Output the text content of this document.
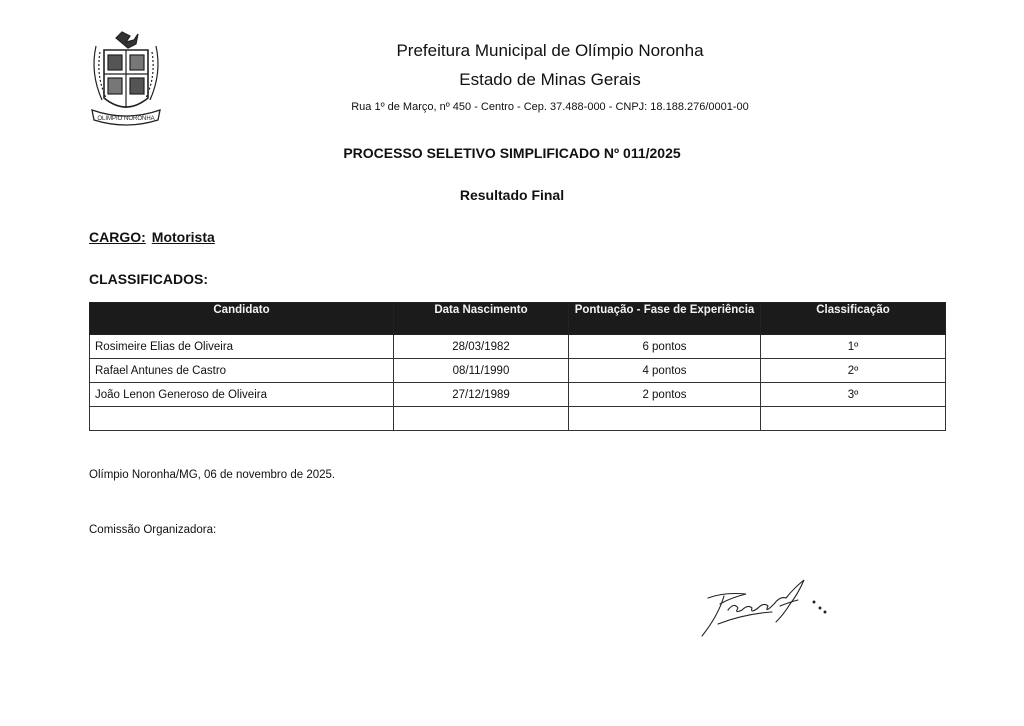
OLIMPIO NORONHA
Prefeitura Municipal de Olímpio Noronha
Estado de Minas Gerais
Rua 1º de Março, nº 450 - Centro - Cep. 37.488-000 - CNPJ: 18.188.276/0001-00
PROCESSO SELETIVO SIMPLIFICADO Nº 011/2025
Resultado Final
CARGO: Motorista
CLASSIFICADOS:
Candidato	Data Nascimento	Pontuação - Fase de Experiência	Classificação
Rosimeire Elias de Oliveira	28/03/1982	6 pontos	1º
Rafael Antunes de Castro	08/11/1990	4 pontos	2º
João Lenon Generoso de Oliveira	27/12/1989	2 pontos	3º

Olímpio Noronha/MG, 06 de novembro de 2025.
Comissão Organizadora:
